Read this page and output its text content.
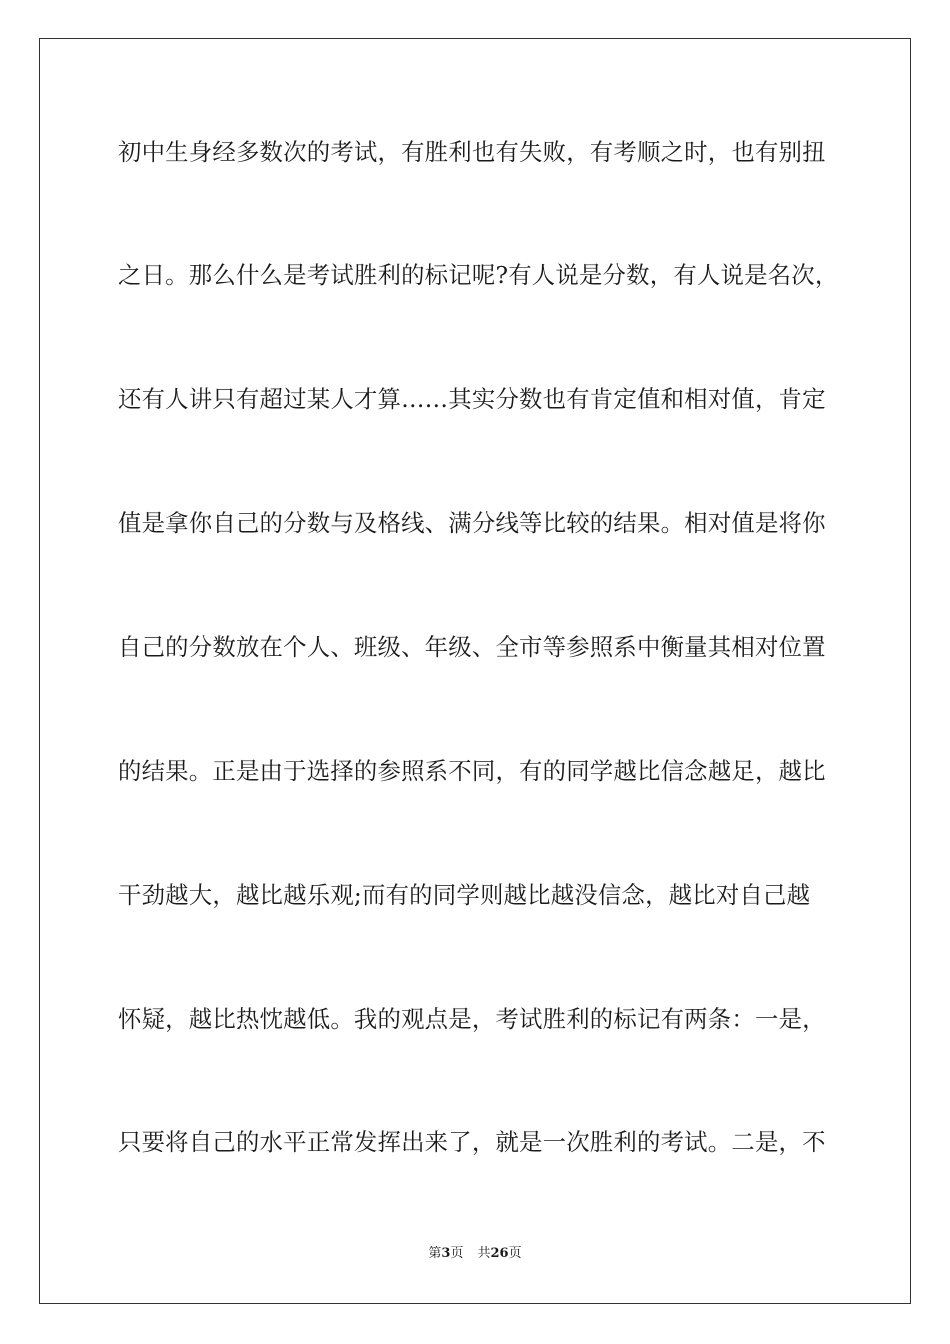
初中生身经多数次的考试，有胜利也有失败，有考顺之时，也有别扭
之日。那么什么是考试胜利的标记呢?有人说是分数，有人说是名次，
还有人讲只有超过某人才算……其实分数也有肯定值和相对值，肯定
值是拿你自己的分数与及格线、满分线等比较的结果。相对值是将你
自己的分数放在个人、班级、年级、全市等参照系中衡量其相对位置
的结果。正是由于选择的参照系不同，有的同学越比信念越足，越比
干劲越大，越比越乐观;而有的同学则越比越没信念，越比对自己越
怀疑，越比热忱越低。我的观点是，考试胜利的标记有两条：一是，
只要将自己的水平正常发挥出来了，就是一次胜利的考试。二是，不
第3页 共26页
